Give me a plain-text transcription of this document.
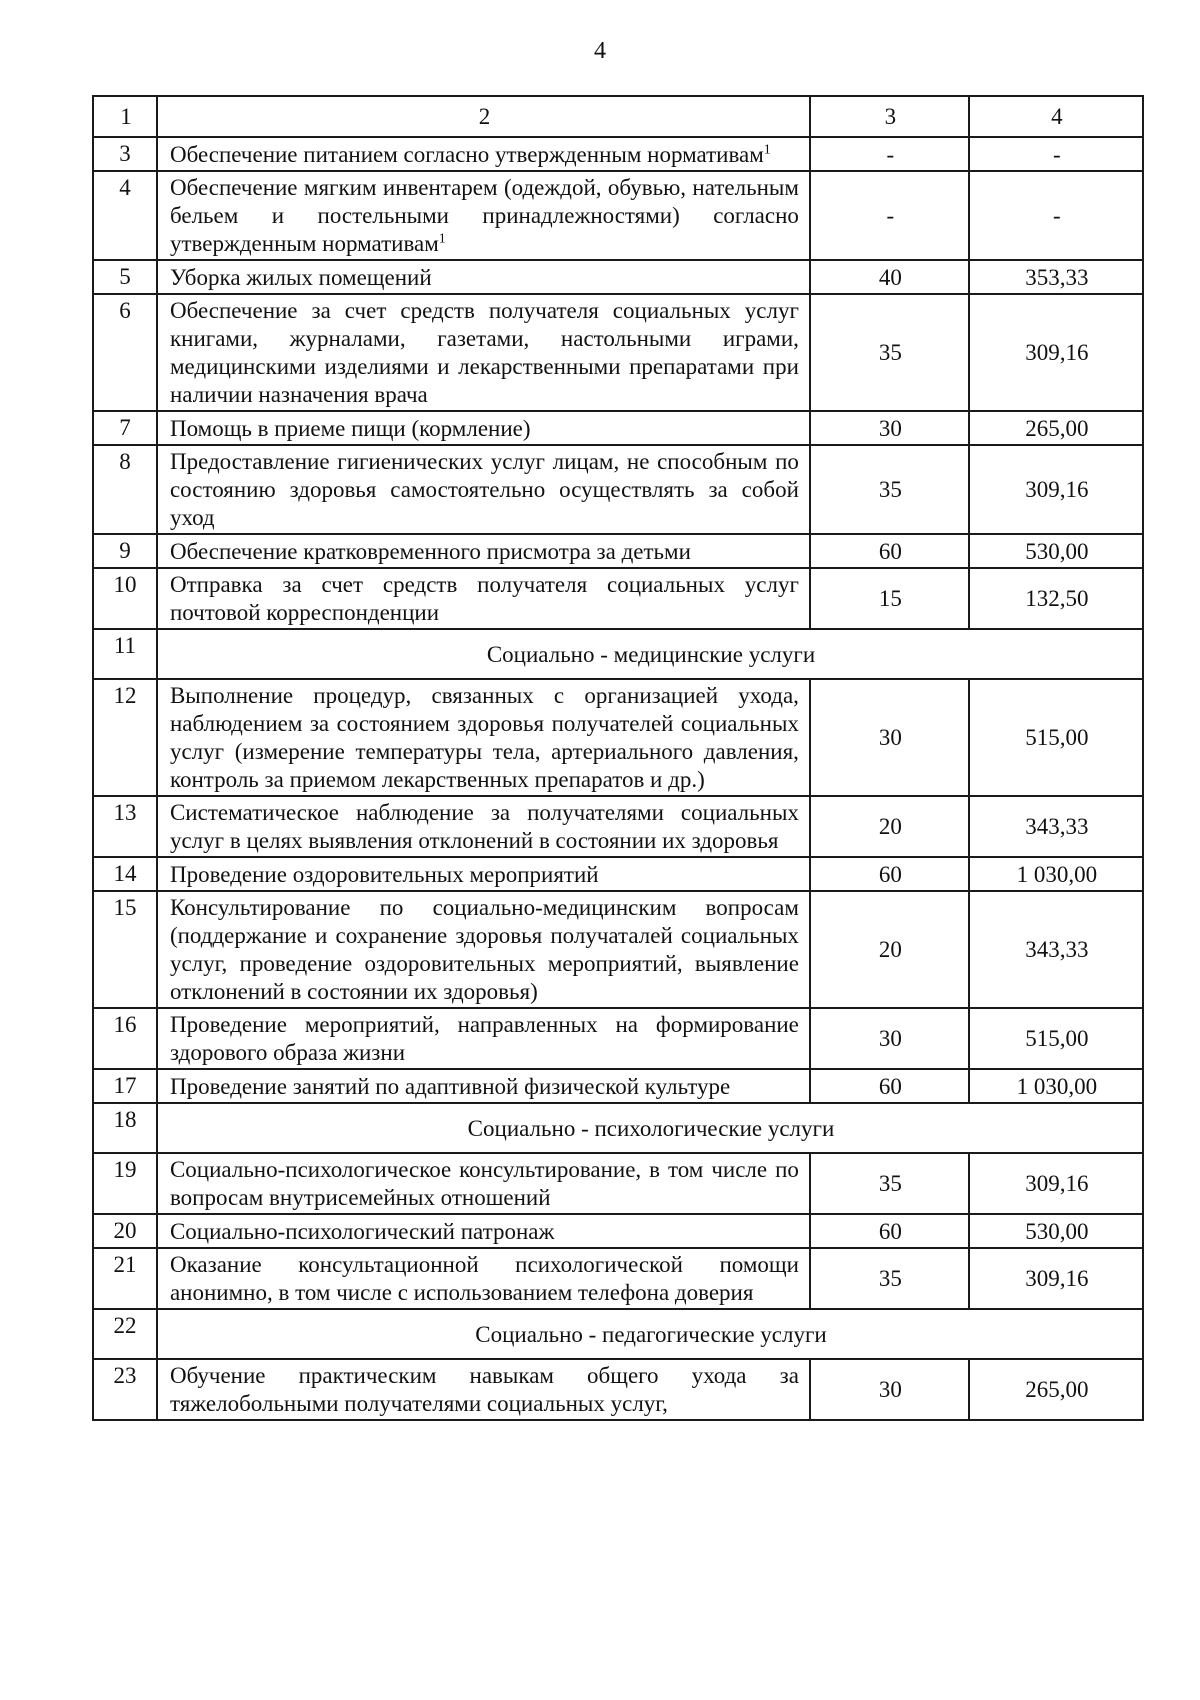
4
1	2	3	4
3	Обеспечение питанием согласно утвержденным нормативам$^1$	-	-
4	Обеспечение мягким инвентарем (одеждой, обувью, нательным бельем и постельными принадлежностями) согласно утвержденным нормативам$^1$	-	-
5	Уборка жилых помещений	40	353,33
6	Обеспечение за счет средств получателя социальных услуг книгами, журналами, газетами, настольными играми, медицинскими изделиями и лекарственными препаратами при наличии назначения врача	35	309,16
7	Помощь в приеме пищи (кормление)	30	265,00
8	Предоставление гигиенических услуг лицам, не способным по состоянию здоровья самостоятельно осуществлять за собой уход	35	309,16
9	Обеспечение кратковременного присмотра за детьми	60	530,00
10	Отправка за счет средств получателя социальных услуг почтовой корреспонденции	15	132,50
11	Социально - медицинские услуги		
12	Выполнение процедур, связанных с организацией ухода, наблюдением за состоянием здоровья получателей социальных услуг (измерение температуры тела, артериального давления, контроль за приемом лекарственных препаратов и др.)	30	515,00
13	Систематическое наблюдение за получателями социальных услуг в целях выявления отклонений в состоянии их здоровья	20	343,33
14	Проведение оздоровительных мероприятий	60	1 030,00
15	Консультирование по социально-медицинским вопросам (поддержание и сохранение здоровья получаталей социальных услуг, проведение оздоровительных мероприятий, выявление отклонений в состоянии их здоровья)	20	343,33
16	Проведение мероприятий, направленных на формирование здорового образа жизни	30	515,00
17	Проведение занятий по адаптивной физической культуре	60	1 030,00
18	Социально - психологические услуги		
19	Социально-психологическое консультирование, в том числе по вопросам внутрисемейных отношений	35	309,16
20	Социально-психологический патронаж	60	530,00
21	Оказание консультационной психологической помощи анонимно, в том числе с использованием телефона доверия	35	309,16
22	Социально - педагогические услуги		
23	Обучение практическим навыкам общего ухода за тяжелобольными получателями социальных услуг,	30	265,00
